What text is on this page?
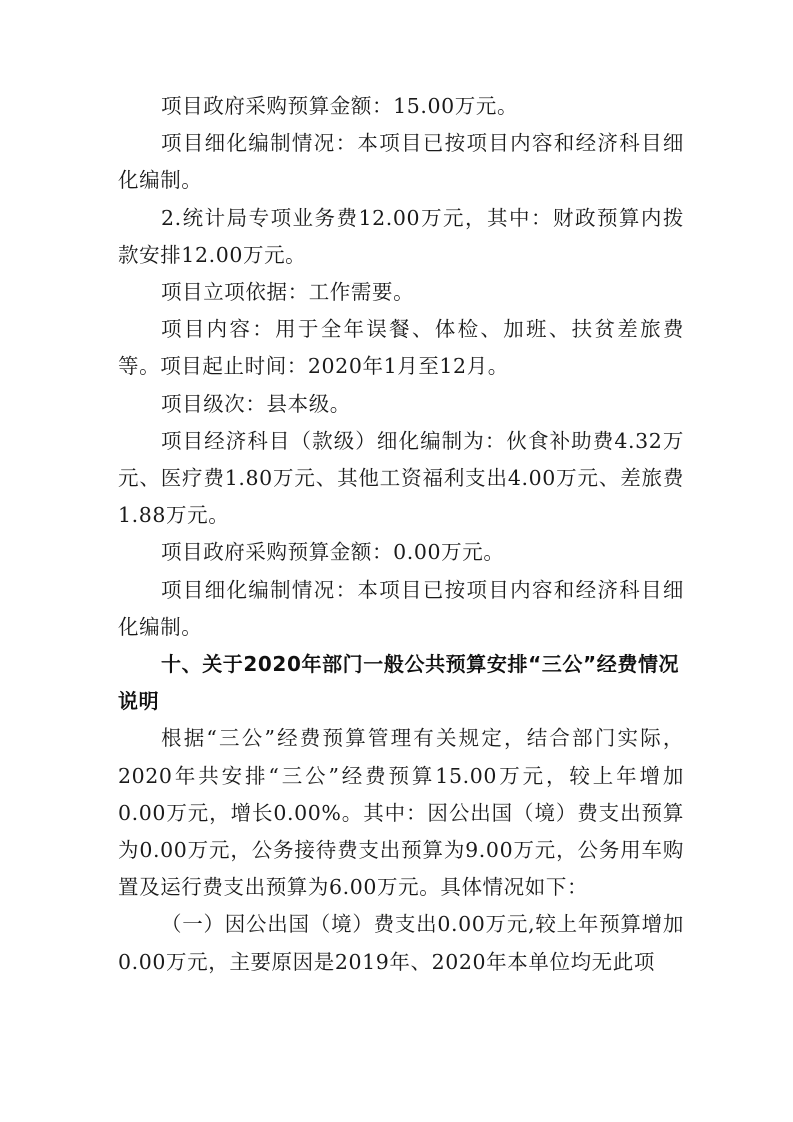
项目政府采购预算金额：15.00万元。

项目细化编制情况：本项目已按项目内容和经济科目细化编制。

2.统计局专项业务费12.00万元，其中：财政预算内拨款安排12.00万元。

项目立项依据：工作需要。

项目内容：用于全年误餐、体检、加班、扶贫差旅费等。项目起止时间：2020年1月至12月。

项目级次：县本级。

项目经济科目（款级）细化编制为：伙食补助费4.32万元、医疗费1.80万元、其他工资福利支出4.00万元、差旅费1.88万元。

项目政府采购预算金额：0.00万元。

项目细化编制情况：本项目已按项目内容和经济科目细化编制。

十、关于2020年部门一般公共预算安排“三公”经费情况说明

根据“三公”经费预算管理有关规定，结合部门实际，2020年共安排“三公”经费预算15.00万元，较上年增加0.00万元，增长0.00%。其中：因公出国（境）费支出预算为0.00万元，公务接待费支出预算为9.00万元，公务用车购置及运行费支出预算为6.00万元。具体情况如下：

（一）因公出国（境）费支出0.00万元,较上年预算增加0.00万元，主要原因是2019年、2020年本单位均无此项
